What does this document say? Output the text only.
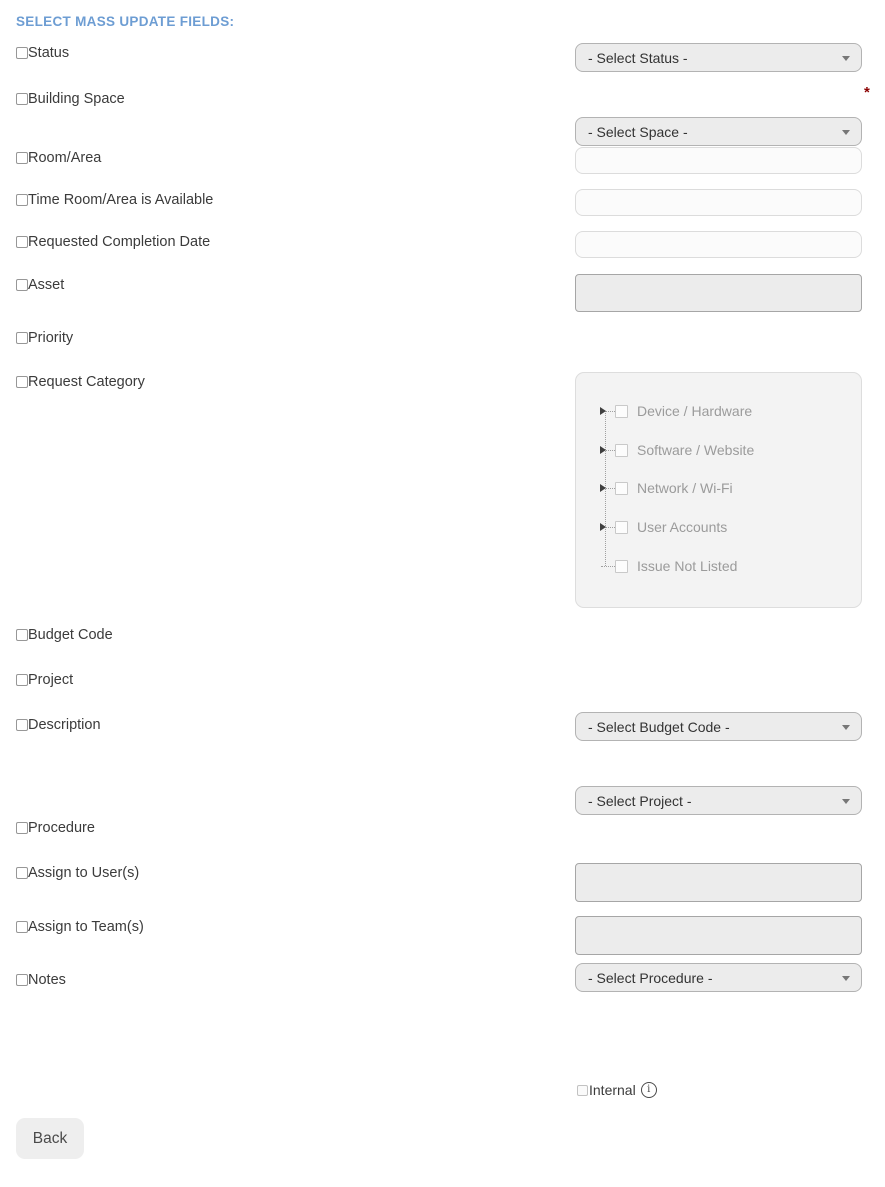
SELECT MASS UPDATE FIELDS:
Status
Building Space
Room/Area
Time Room/Area is Available
Requested Completion Date
Asset
Priority
Request Category
Budget Code
Project
Description
Procedure
Assign to User(s)
Assign to Team(s)
Notes
- Select Status -
- Select Space -
*
Device / Hardware
Software / Website
Network / Wi-Fi
User Accounts
Issue Not Listed
- Select Budget Code -
- Select Project -
- Select Procedure -
Internal	i
Back
